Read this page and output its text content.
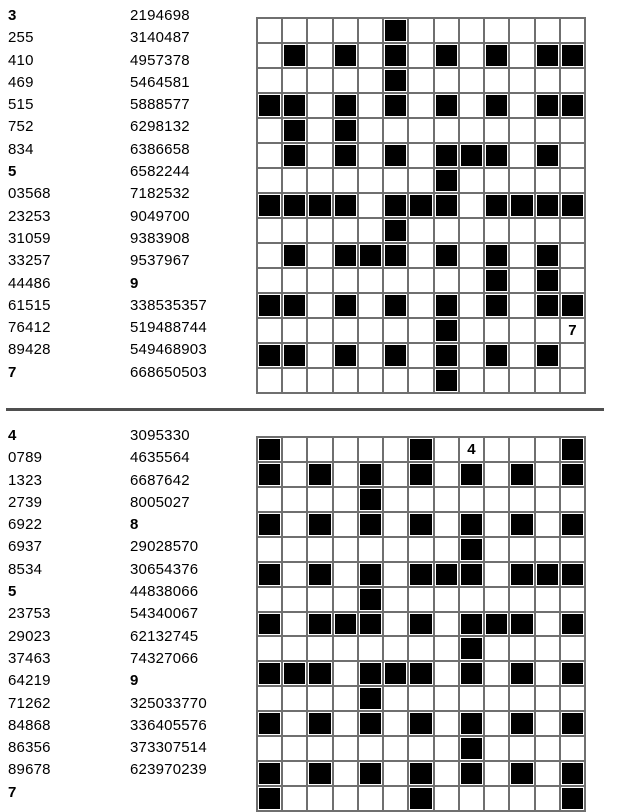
3
255
410
469
515
752
834
5
03568
23253
31059
33257
44486
61515
76412
89428
7
2194698
3140487
4957378
5464581
5888577
6298132
6386658
6582244
7182532
9049700
9383908
9537967
9
338535357
519488744
549468903
668650503
7
4
0789
1323
2739
6922
6937
8534
5
23753
29023
37463
64219
71262
84868
86356
89678
7
3095330
4635564
6687642
8005027
8
29028570
30654376
44838066
54340067
62132745
74327066
9
325033770
336405576
373307514
623970239
4
